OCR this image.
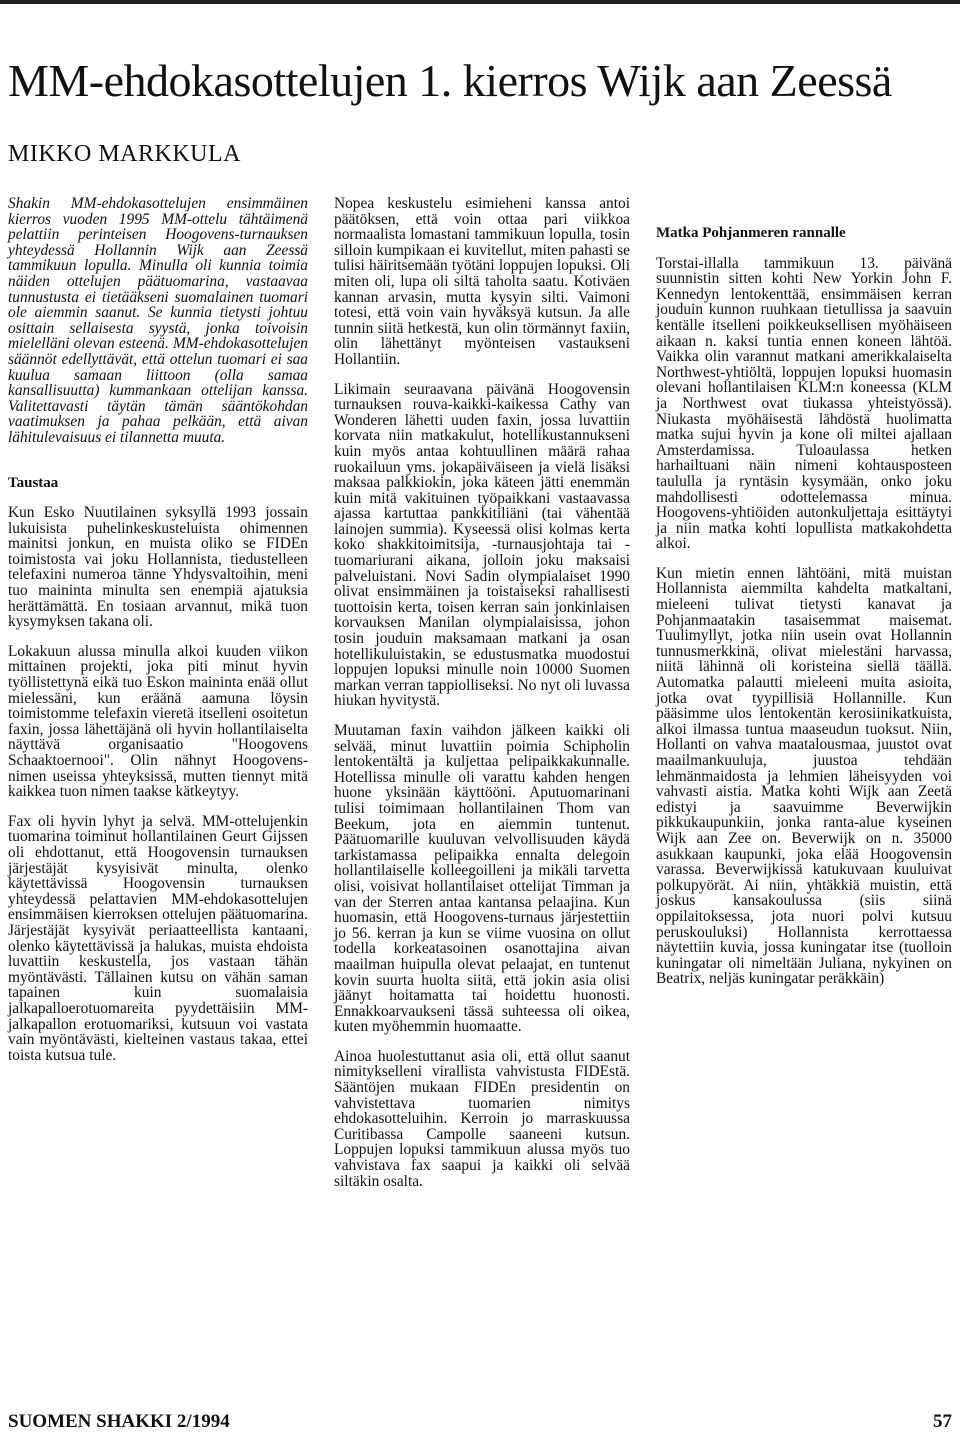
MM-ehdokasottelujen 1. kierros Wijk aan Zeessä
MIKKO MARKKULA

Shakin MM-ehdokasottelujen ensimmäinen kierros vuoden 1995 MM-ottelu tähtäimenä pelattiin perinteisen Hoogovens-turnauksen yhteydessä Hollannin Wijk aan Zeessä tammikuun lopulla. Minulla oli kunnia toimia näiden ottelujen päätuomarina, vastaavaa tunnustusta ei tietääkseni suomalainen tuomari ole aiemmin saanut. Se kunnia tietysti johtuu osittain sellaisesta syystä, jonka toivoisin mielelläni olevan esteenä. MM-ehdokasottelujen säännöt edellyttävät, että ottelun tuomari ei saa kuulua samaan liittoon (olla samaa kansallisuutta) kummankaan ottelijan kanssa. Valitettavasti täytän tämän sääntökohdan vaatimuksen ja pahaa pelkään, että aivan lähitulevaisuus ei tilannetta muuta.

Taustaa

Kun Esko Nuutilainen syksyllä 1993 jossain lukuisista puhelinkeskusteluista ohimennen mainitsi jonkun, en muista oliko se FIDEn toimistosta vai joku Hollannista, tiedustelleen telefaxini numeroa tänne Yhdysvaltoihin, meni tuo maininta minulta sen enempiä ajatuksia herättämättä. En tosiaan arvannut, mikä tuon kysymyksen takana oli.

Lokakuun alussa minulla alkoi kuuden viikon mittainen projekti, joka piti minut hyvin työllistettynä eikä tuo Eskon maininta enää ollut mielessäni, kun eräänä aamuna löysin toimistomme telefaxin vieretä itselleni osoitetun faxin, jossa lähettäjänä oli hyvin hollantilaiselta näyttävä organisaatio "Hoogovens Schaaktoernooi". Olin nähnyt Hoogovens-nimen useissa yhteyksissä, mutten tiennyt mitä kaikkea tuon nimen taakse kätkeytyy.

Fax oli hyvin lyhyt ja selvä. MM-ottelujenkin tuomarina toiminut hollantilainen Geurt Gijssen oli ehdottanut, että Hoogovensin turnauksen järjestäjät kysyisivät minulta, olenko käytettävissä Hoogovensin turnauksen yhteydessä pelattavien MM-ehdokasottelujen ensimmäisen kierroksen ottelujen päätuomarina. Järjestäjät kysyivät periaatteellista kantaani, olenko käytettävissä ja halukas, muista ehdoista luvattiin keskustella, jos vastaan tähän myöntävästi. Tällainen kutsu on vähän saman tapainen kuin suomalaisia jalkapalloerotuomareita pyydettäisiin MM-jalkapallon erotuomariksi, kutsuun voi vastata vain myöntävästi, kielteinen vastaus takaa, ettei toista kutsua tule.

Nopea keskustelu esimieheni kanssa antoi päätöksen, että voin ottaa pari viikkoa normaalista lomastani tammikuun lopulla, tosin silloin kumpikaan ei kuvitellut, miten pahasti se tulisi häiritsemään työtäni loppujen lopuksi. Oli miten oli, lupa oli siltä taholta saatu. Kotiväen kannan arvasin, mutta kysyin silti. Vaimoni totesi, että voin vain hyväksyä kutsun. Ja alle tunnin siitä hetkestä, kun olin törmännyt faxiin, olin lähettänyt myönteisen vastaukseni Hollantiin.

Likimain seuraavana päivänä Hoogovensin turnauksen rouva-kaikki-kaikessa Cathy van Wonderen lähetti uuden faxin, jossa luvattiin korvata niin matkakulut, hotellikustannukseni kuin myös antaa kohtuullinen määrä rahaa ruokailuun yms. jokapäiväiseen ja vielä lisäksi maksaa palkkiokin, joka käteen jätti enemmän kuin mitä vakituinen työpaikkani vastaavassa ajassa kartuttaa pankkitiliäni (tai vähentää lainojen summia). Kyseessä olisi kolmas kerta koko shakkitoimitsija, -turnausjohtaja tai -tuomariurani aikana, jolloin joku maksaisi palveluistani. Novi Sadin olympialaiset 1990 olivat ensimmäinen ja toistaiseksi rahallisesti tuottoisin kerta, toisen kerran sain jonkinlaisen korvauksen Manilan olympialaisissa, johon tosin jouduin maksamaan matkani ja osan hotellikuluistakin, se edustusmatka muodostui loppujen lopuksi minulle noin 10000 Suomen markan verran tappiolliseksi. No nyt oli luvassa hiukan hyvitystä.

Muutaman faxin vaihdon jälkeen kaikki oli selvää, minut luvattiin poimia Schipholin lentokentältä ja kuljettaa pelipaikkakunnalle. Hotellissa minulle oli varattu kahden hengen huone yksinään käyttööni. Aputuomarinani tulisi toimimaan hollantilainen Thom van Beekum, jota en aiemmin tuntenut. Päätuomarille kuuluvan velvollisuuden käydä tarkistamassa pelipaikka ennalta delegoin hollantilaiselle kolleegoilleni ja mikäli tarvetta olisi, voisivat hollantilaiset ottelijat Timman ja van der Sterren antaa kantansa pelaajina. Kun huomasin, että Hoogovens-turnaus järjestettiin jo 56. kerran ja kun se viime vuosina on ollut todella korkeatasoinen osanottajina aivan maailman huipulla olevat pelaajat, en tuntenut kovin suurta huolta siitä, että jokin asia olisi jäänyt hoitamatta tai hoidettu huonosti. Ennakkoarvaukseni tässä suhteessa oli oikea, kuten myöhemmin huomaatte.

Ainoa huolestuttanut asia oli, että ollut saanut nimitykselleni virallista vahvistusta FIDEstä. Sääntöjen mukaan FIDEn presidentin on vahvistettava tuomarien nimitys ehdokasotteluihin. Kerroin jo marraskuussa Curitibassa Campolle saaneeni kutsun. Loppujen lopuksi tammikuun alussa myös tuo vahvistava fax saapui ja kaikki oli selvää siltäkin osalta.

Matka Pohjanmeren rannalle

Torstai-illalla tammikuun 13. päivänä suunnistin sitten kohti New Yorkin John F. Kennedyn lentokenttää, ensimmäisen kerran jouduin kunnon ruuhkaan tietullissa ja saavuin kentälle itselleni poikkeuksellisen myöhäiseen aikaan n. kaksi tuntia ennen koneen lähtöä. Vaikka olin varannut matkani amerikkalaiselta Northwest-yhtiöltä, loppujen lopuksi huomasin olevani hollantilaisen KLM:n koneessa (KLM ja Northwest ovat tiukassa yhteistyössä). Niukasta myöhäisestä lähdöstä huolimatta matka sujui hyvin ja kone oli miltei ajallaan Amsterdamissa. Tuloaulassa hetken harhailtuani näin nimeni kohtausposteen taululla ja ryntäsin kysymään, onko joku mahdollisesti odottelemassa minua. Hoogovens-yhtiöiden autonkuljettaja esittäytyi ja niin matka kohti lopullista matkakohdetta alkoi.

Kun mietin ennen lähtöäni, mitä muistan Hollannista aiemmilta kahdelta matkaltani, mieleeni tulivat tietysti kanavat ja Pohjanmaatakin tasaisemmat maisemat. Tuulimyllyt, jotka niin usein ovat Hollannin tunnusmerkkinä, olivat mielestäni harvassa, niitä lähinnä oli koristeina siellä täällä. Automatka palautti mieleeni muita asioita, jotka ovat tyypillisiä Hollannille. Kun pääsimme ulos lentokentän kerosiinikatkuista, alkoi ilmassa tuntua maaseudun tuoksut. Niin, Hollanti on vahva maatalousmaa, juustot ovat maailmankuuluja, juustoa tehdään lehmänmaidosta ja lehmien läheisyyden voi vahvasti aistia. Matka kohti Wijk aan Zeetä edistyi ja saavuimme Beverwijkin pikkukaupunkiin, jonka ranta-alue kyseinen Wijk aan Zee on. Beverwijk on n. 35000 asukkaan kaupunki, joka elää Hoogovensin varassa. Beverwijkissä katukuvaan kuuluivat polkupyörät. Ai niin, yhtäkkiä muistin, että joskus kansakoulussa (siis siinä oppilaitoksessa, jota nuori polvi kutsuu peruskouluksi) Hollannista kerrottaessa näytettiin kuvia, jossa kuningatar itse (tuolloin kuningatar oli nimeltään Juliana, nykyinen on Beatrix, neljäs kuningatar peräkkäin)

SUOMEN SHAKKI 2/1994	57
